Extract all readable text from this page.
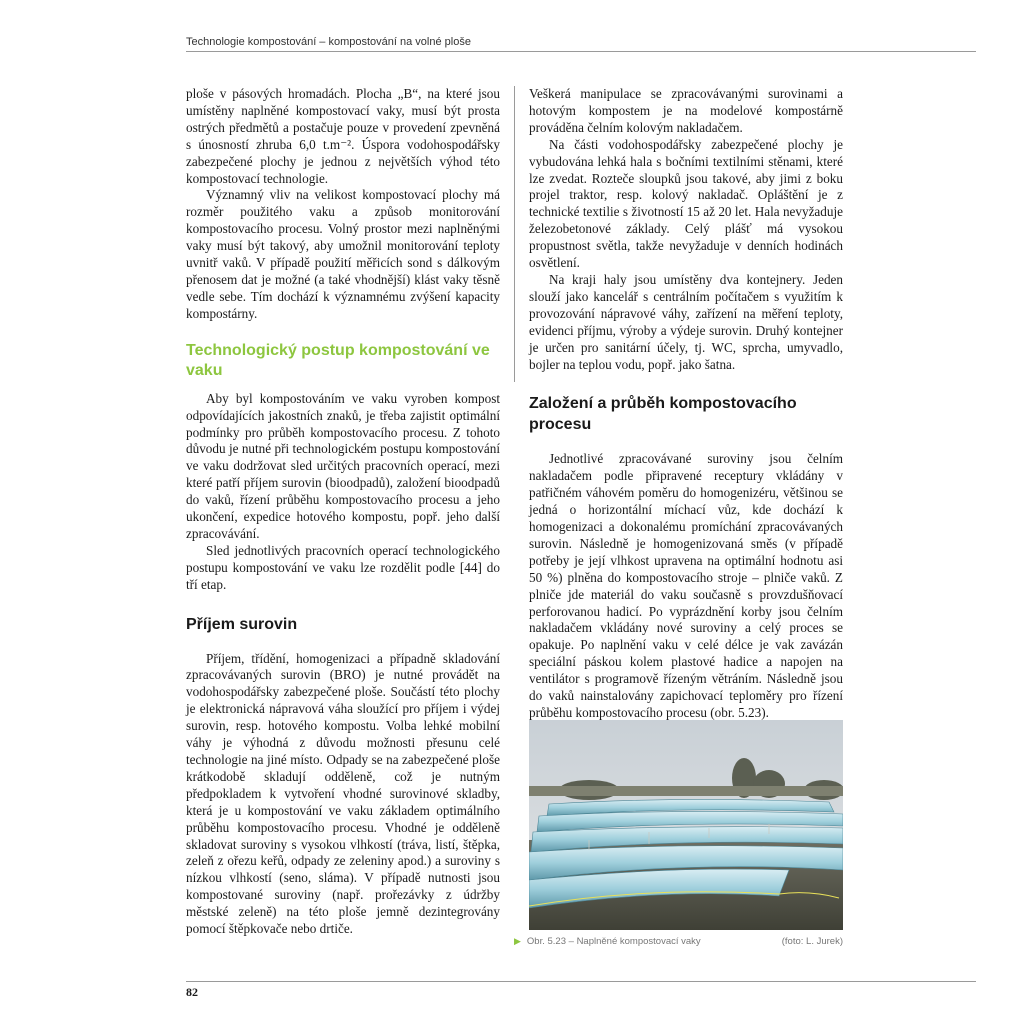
Technologie kompostování – kompostování na volné ploše

ploše v pásových hromadách. Plocha „B“, na které jsou umístěny naplněné kompostovací vaky, musí být prosta ostrých předmětů a postačuje pouze v provedení zpevněná s únosností zhruba 6,0 t.m⁻². Úspora vodohospodářsky zabezpečené plochy je jednou z největších výhod této kompostovací technologie.

Významný vliv na velikost kompostovací plochy má rozměr použitého vaku a způsob monitorování kompostovacího procesu. Volný prostor mezi naplněnými vaky musí být takový, aby umožnil monitorování teploty uvnitř vaků. V případě použití měřicích sond s dálkovým přenosem dat je možné (a také vhodnější) klást vaky těsně vedle sebe. Tím dochází k významnému zvýšení kapacity kompostárny.

Technologický postup kompostování ve vaku

Aby byl kompostováním ve vaku vyroben kompost odpovídajících jakostních znaků, je třeba zajistit optimální podmínky pro průběh kompostovacího procesu. Z tohoto důvodu je nutné při technologickém postupu kompostování ve vaku dodržovat sled určitých pracovních operací, mezi které patří příjem surovin (bioodpadů), založení bioodpadů do vaků, řízení průběhu kompostovacího procesu a jeho ukončení, expedice hotového kompostu, popř. jeho další zpracovávání.

Sled jednotlivých pracovních operací technologického postupu kompostování ve vaku lze rozdělit podle [44] do tří etap.

Příjem surovin

Příjem, třídění, homogenizaci a případně skladování zpracovávaných surovin (BRO) je nutné provádět na vodohospodářsky zabezpečené ploše. Součástí této plochy je elektronická nápravová váha sloužící pro příjem i výdej surovin, resp. hotového kompostu. Volba lehké mobilní váhy je výhodná z důvodu možnosti přesunu celé technologie na jiné místo. Odpady se na zabezpečené ploše krátkodobě skladují odděleně, což je nutným předpokladem k vytvoření vhodné surovinové skladby, která je u kompostování ve vaku základem optimálního průběhu kompostovacího procesu. Vhodné je odděleně skladovat suroviny s vysokou vlhkostí (tráva, listí, štěpka, zeleň z ořezu keřů, odpady ze zeleniny apod.) a suroviny s nízkou vlhkostí (seno, sláma). V případě nutnosti jsou kompostované suroviny (např. prořezávky z údržby městské zeleně) na této ploše jemně dezintegrovány pomocí štěpkovače nebo drtiče.

Veškerá manipulace se zpracovávanými surovinami a hotovým kompostem je na modelové kompostárně prováděna čelním kolovým nakladačem.

Na části vodohospodářsky zabezpečené plochy je vybudována lehká hala s bočními textilními stěnami, které lze zvedat. Rozteče sloupků jsou takové, aby jimi z boku projel traktor, resp. kolový nakladač. Opláštění je z technické textilie s životností 15 až 20 let. Hala nevyžaduje železobetonové základy. Celý plášť má vysokou propustnost světla, takže nevyžaduje v denních hodinách osvětlení.

Na kraji haly jsou umístěny dva kontejnery. Jeden slouží jako kancelář s centrálním počítačem s využitím k provozování nápravové váhy, zařízení na měření teploty, evidenci příjmu, výroby a výdeje surovin. Druhý kontejner je určen pro sanitární účely, tj. WC, sprcha, umyvadlo, bojler na teplou vodu, popř. jako šatna.

Založení a průběh kompostovacího procesu

Jednotlivé zpracovávané suroviny jsou čelním nakladačem podle připravené receptury vkládány v patřičném váhovém poměru do homogenizéru, většinou se jedná o horizontální míchací vůz, kde dochází k homogenizaci a dokonalému promíchání zpracovávaných surovin. Následně je homogenizovaná směs (v případě potřeby je její vlhkost upravena na optimální hodnotu asi 50 %) plněna do kompostovacího stroje – plniče vaků. Z plniče jde materiál do vaku současně s provzdušňovací perforovanou hadicí. Po vyprázdnění korby jsou čelním nakladačem vkládány nové suroviny a celý proces se opakuje. Po naplnění vaku v celé délce je vak zavázán speciální páskou kolem plastové hadice a napojen na ventilátor s programově řízeným větráním. Následně jsou do vaků nainstalovány zapichovací teploměry pro řízení průběhu kompostovacího procesu (obr. 5.23).

▶ Obr. 5.23 – Naplněné kompostovací vaky	(foto: L. Jurek)
82
